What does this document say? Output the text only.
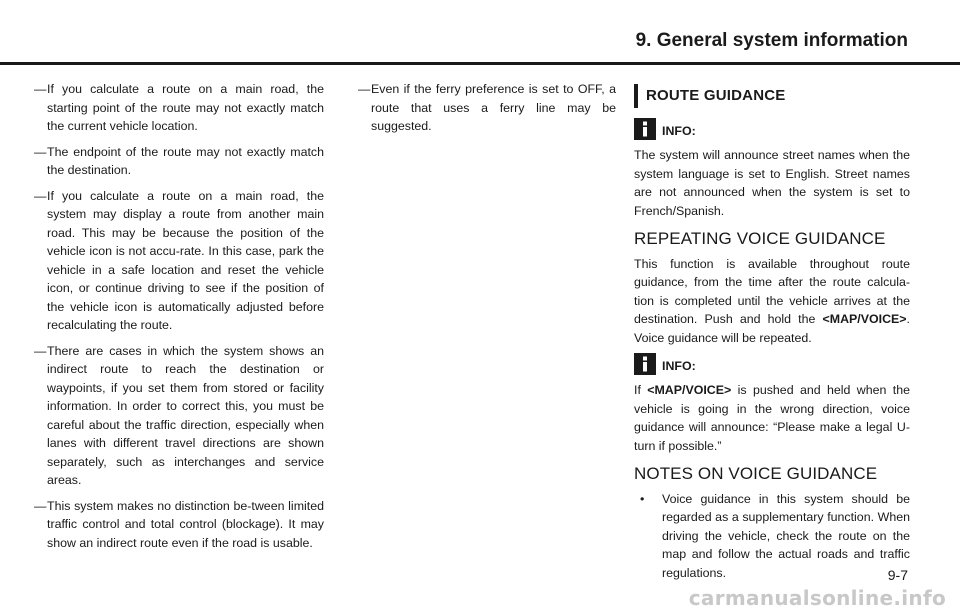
9. General system information
— If you calculate a route on a main road, the starting point of the route may not exactly match the current vehicle location.
— The endpoint of the route may not exactly match the destination.
— If you calculate a route on a main road, the system may display a route from another main road. This may be because the position of the vehicle icon is not accu-rate. In this case, park the vehicle in a safe location and reset the vehicle icon, or continue driving to see if the position of the vehicle icon is automatically adjusted before recalculating the route.
— There are cases in which the system shows an indirect route to reach the destination or waypoints, if you set them from stored or facility information. In order to correct this, you must be careful about the traffic direction, especially when lanes with different travel directions are shown separately, such as interchanges and service areas.
— This system makes no distinction be-tween limited traffic control and total control (blockage). It may show an indirect route even if the road is usable.
— Even if the ferry preference is set to OFF, a route that uses a ferry line may be suggested.
ROUTE GUIDANCE
INFO:

The system will announce street names when the system language is set to English. Street names are not announced when the system is set to French/Spanish.

REPEATING VOICE GUIDANCE

This function is available throughout route guidance, from the time after the route calcula-tion is completed until the vehicle arrives at the destination. Push and hold the <MAP/VOICE>. Voice guidance will be repeated.

INFO:

If <MAP/VOICE> is pushed and held when the vehicle is going in the wrong direction, voice guidance will announce: “Please make a legal U-turn if possible.”

NOTES ON VOICE GUIDANCE
•	Voice guidance in this system should be regarded as a supplementary function. When driving the vehicle, check the route on the map and follow the actual roads and traffic regulations.	9-7
carmanualsonline.info
